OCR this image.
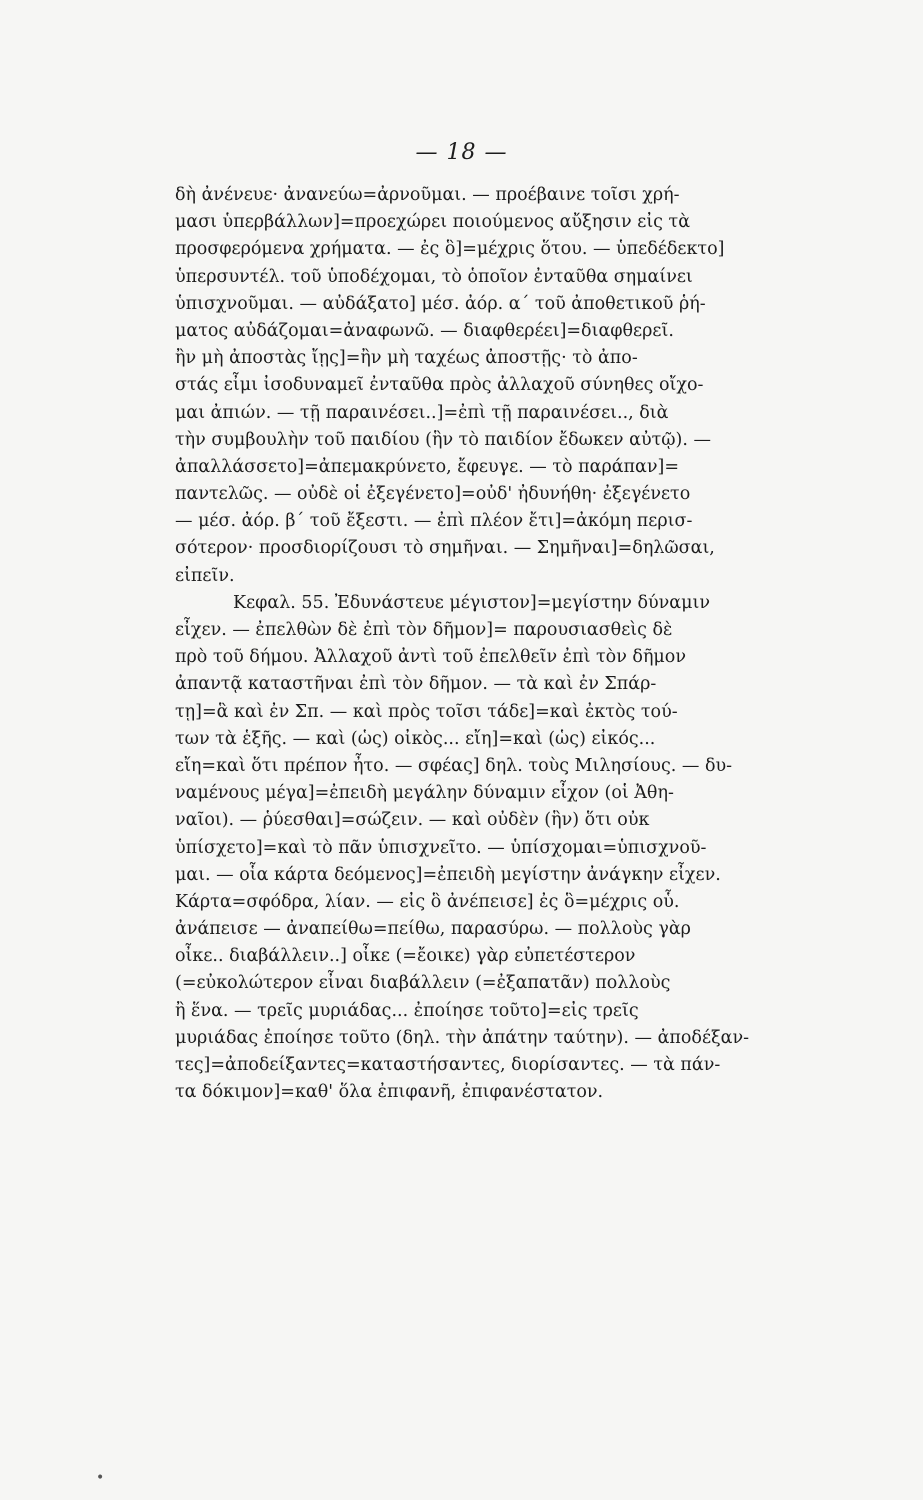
— 18 —
δὴ ἀνένευε· ἀνανεύω=ἀρνοῦμαι. — προέβαινε τοῖσι χρή-
μασι ὑπερβάλλων]=προεχώρει ποιούμενος αὔξησιν εἰς τὰ
προσφερόμενα χρήματα. — ἐς ὃ]=μέχρις ὅτου. — ὑπεδέδεκτο]
ὑπερσυντέλ. τοῦ ὑποδέχομαι, τὸ ὁποῖον ἐνταῦθα σημαίνει
ὑπισχνοῦμαι. — αὐδάξατο] μέσ. ἀόρ. α΄ τοῦ ἀποθετικοῦ ῥή-
ματος αὐδάζομαι=ἀναφωνῶ. — διαφθερέει]=διαφθερεῖ.
ἢν μὴ ἀποστὰς ἴῃς]=ἢν μὴ ταχέως ἀποστῇς· τὸ ἀπο-
στάς εἶμι ἰσοδυναμεῖ ἐνταῦθα πρὸς ἀλλαχοῦ σύνηθες οἴχο-
μαι ἀπιών. — τῇ παραινέσει..]=ἐπὶ τῇ παραινέσει.., διὰ
τὴν συμβουλὴν τοῦ παιδίου (ἣν τὸ παιδίον ἔδωκεν αὐτῷ). —
ἀπαλλάσσετο]=ἀπεμακρύνετο, ἔφευγε. — τὸ παράπαν]=
παντελῶς. — οὐδὲ οἱ ἐξεγένετο]=οὐδ' ἠδυνήθη· ἐξεγένετο
— μέσ. ἀόρ. β΄ τοῦ ἔξεστι. — ἐπὶ πλέον ἔτι]=ἀκόμη περισ-
σότερον· προσδιορίζουσι τὸ σημῆναι. — Σημῆναι]=δηλῶσαι,
εἰπεῖν.
Κεφαλ. 55. Ἐδυνάστευε μέγιστον]=μεγίστην δύναμιν
εἶχεν. — ἐπελθὼν δὲ ἐπὶ τὸν δῆμον]= παρουσιασθεὶς δὲ
πρὸ τοῦ δήμου. Ἀλλαχοῦ ἀντὶ τοῦ ἐπελθεῖν ἐπὶ τὸν δῆμον
ἀπαντᾷ καταστῆναι ἐπὶ τὸν δῆμον. — τὰ καὶ ἐν Σπάρ-
τῃ]=ἃ καὶ ἐν Σπ. — καὶ πρὸς τοῖσι τάδε]=καὶ ἐκτὸς τού-
των τὰ ἑξῆς. — καὶ (ὡς) οἰκὸς... εἴη]=καὶ (ὡς) εἰκός...
εἴη=καὶ ὅτι πρέπον ἦτο. — σφέας] δηλ. τοὺς Μιλησίους. — δυ-
ναμένους μέγα]=ἐπειδὴ μεγάλην δύναμιν εἶχον (οἱ Ἀθη-
ναῖοι). — ῥύεσθαι]=σώζειν. — καὶ οὐδὲν (ἣν) ὅτι οὐκ
ὑπίσχετο]=καὶ τὸ πᾶν ὑπισχνεῖτο. — ὑπίσχομαι=ὑπισχνοῦ-
μαι. — οἷα κάρτα δεόμενος]=ἐπειδὴ μεγίστην ἀνάγκην εἶχεν.
Κάρτα=σφόδρα, λίαν. — εἰς ὃ ἀνέπεισε] ἐς ὃ=μέχρις οὗ.
ἀνάπεισε — ἀναπείθω=πείθω, παρασύρω. — πολλοὺς γὰρ
οἶκε.. διαβάλλειν..] οἶκε (=ἔοικε) γὰρ εὐπετέστερον
(=εὐκολώτερον εἶναι διαβάλλειν (=ἐξαπατᾶν) πολλοὺς
ἢ ἕνα. — τρεῖς μυριάδας... ἐποίησε τοῦτο]=εἰς τρεῖς
μυριάδας ἐποίησε τοῦτο (δηλ. τὴν ἀπάτην ταύτην). — ἀποδέξαν-
τες]=ἀποδείξαντες=καταστήσαντες, διορίσαντες. — τὰ πάν-
τα δόκιμον]=καθ' ὅλα ἐπιφανῆ, ἐπιφανέστατον.
•
